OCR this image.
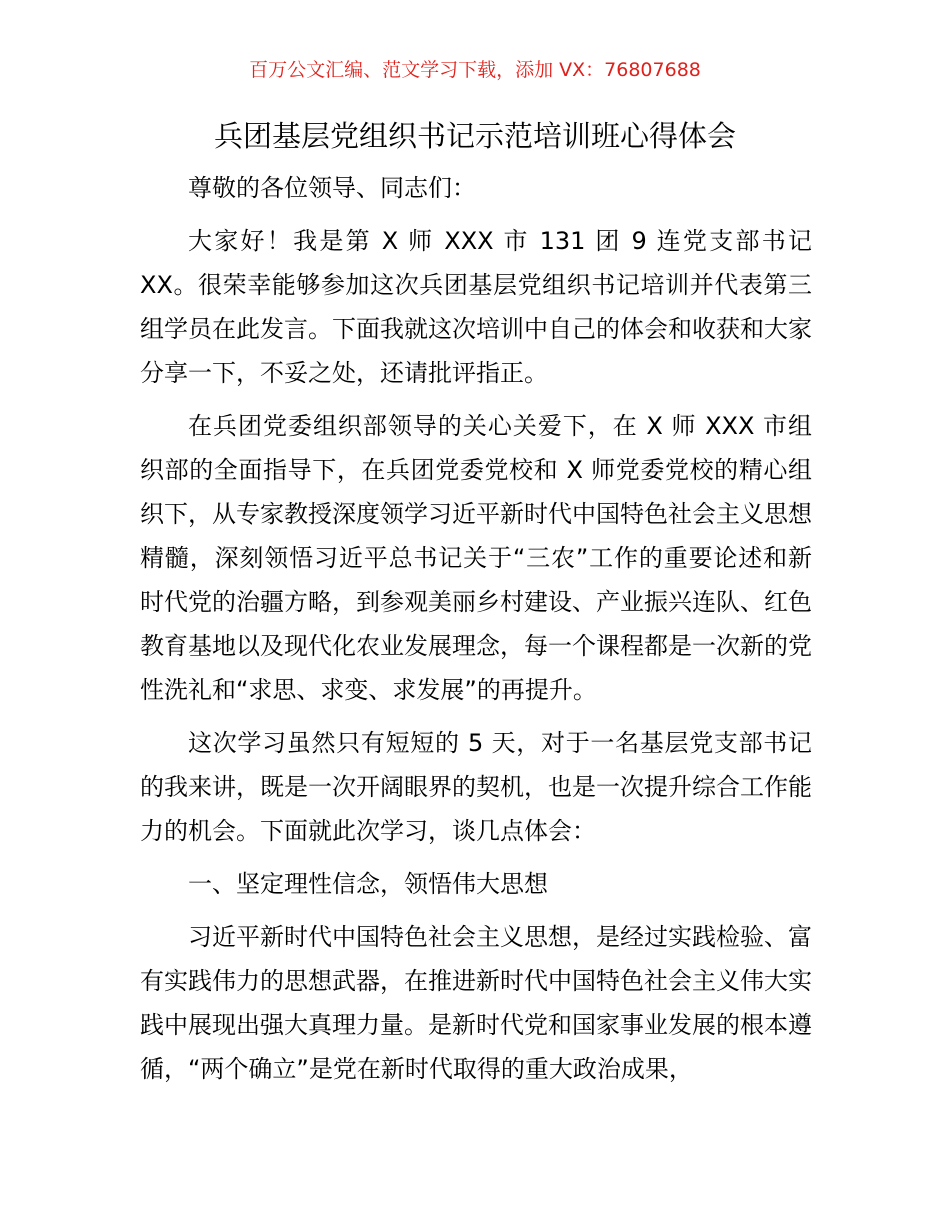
百万公文汇编、范文学习下载，添加 VX：76807688
兵团基层党组织书记示范培训班心得体会

尊敬的各位领导、同志们：

大家好！我是第 X 师 XXX 市 131 团 9 连党支部书记 XX。很荣幸能够参加这次兵团基层党组织书记培训并代表第三组学员在此发言。下面我就这次培训中自己的体会和收获和大家分享一下，不妥之处，还请批评指正。

在兵团党委组织部领导的关心关爱下，在 X 师 XXX 市组织部的全面指导下，在兵团党委党校和 X 师党委党校的精心组织下，从专家教授深度领学习近平新时代中国特色社会主义思想精髓，深刻领悟习近平总书记关于“三农”工作的重要论述和新时代党的治疆方略，到参观美丽乡村建设、产业振兴连队、红色教育基地以及现代化农业发展理念，每一个课程都是一次新的党性洗礼和“求思、求变、求发展”的再提升。

这次学习虽然只有短短的 5 天，对于一名基层党支部书记的我来讲，既是一次开阔眼界的契机，也是一次提升综合工作能力的机会。下面就此次学习，谈几点体会：

一、坚定理性信念，领悟伟大思想

习近平新时代中国特色社会主义思想，是经过实践检验、富有实践伟力的思想武器，在推进新时代中国特色社会主义伟大实践中展现出强大真理力量。是新时代党和国家事业发展的根本遵循，“两个确立”是党在新时代取得的重大政治成果，
